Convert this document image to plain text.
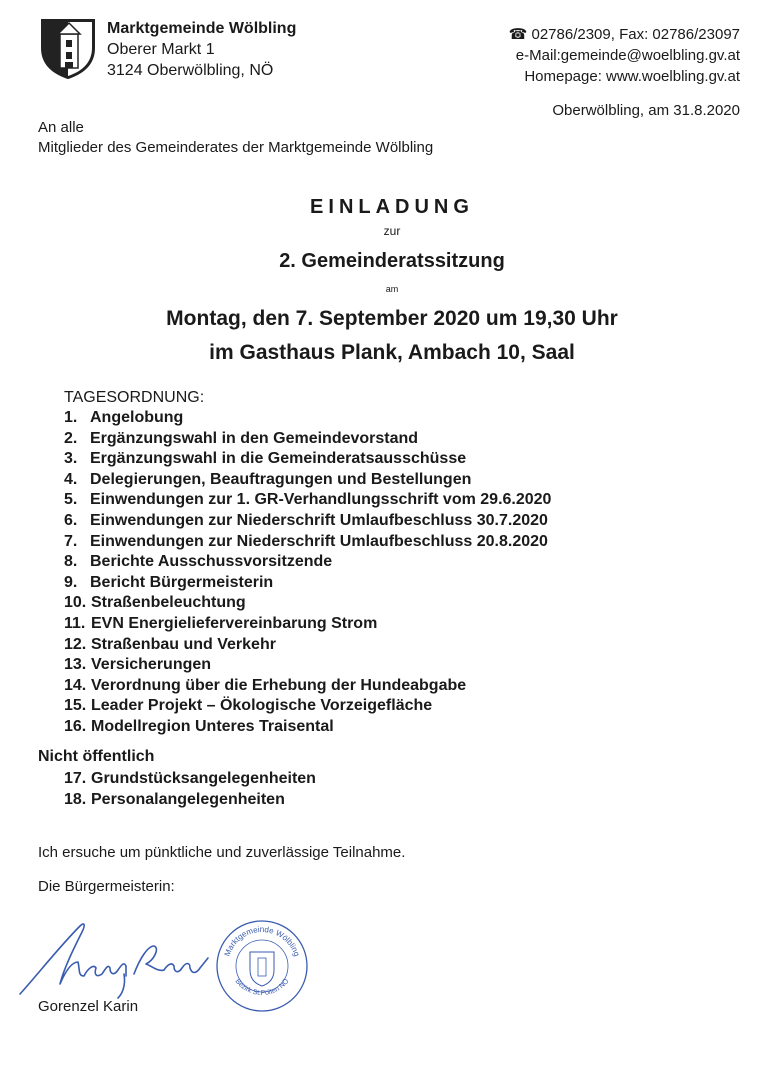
Marktgemeinde Wölbling
Oberer Markt 1
3124 Oberwölbling, NÖ
☎ 02786/2309, Fax: 02786/23097
e-Mail:gemeinde@woelbling.gv.at
Homepage: www.woelbling.gv.at
Oberwölbling, am 31.8.2020
An alle
Mitglieder des Gemeinderates der Marktgemeinde Wölbling
EINLADUNG
zur
2. Gemeinderatssitzung
am
Montag, den 7. September 2020 um 19,30 Uhr
im Gasthaus Plank, Ambach 10, Saal
TAGESORDNUNG:
1. Angelobung
2. Ergänzungswahl in den Gemeindevorstand
3. Ergänzungswahl in die Gemeinderatsausschüsse
4. Delegierungen, Beauftragungen und Bestellungen
5. Einwendungen zur 1. GR-Verhandlungsschrift vom 29.6.2020
6. Einwendungen zur Niederschrift Umlaufbeschluss 30.7.2020
7. Einwendungen zur Niederschrift Umlaufbeschluss 20.8.2020
8. Berichte Ausschussvorsitzende
9. Bericht Bürgermeisterin
10. Straßenbeleuchtung
11. EVN Energieliefervereinbarung Strom
12. Straßenbau und Verkehr
13. Versicherungen
14. Verordnung über die Erhebung der Hundeabgabe
15. Leader Projekt – Ökologische Vorzeigefläche
16. Modellregion Unteres Traisental
Nicht öffentlich
17. Grundstücksangelegenheiten
18. Personalangelegenheiten
Ich ersuche um pünktliche und zuverlässige Teilnahme.
Die Bürgermeisterin:
Marktgemeinde Wölbling
Bezirk St.Pölten NÖ
Gorenzel Karin
